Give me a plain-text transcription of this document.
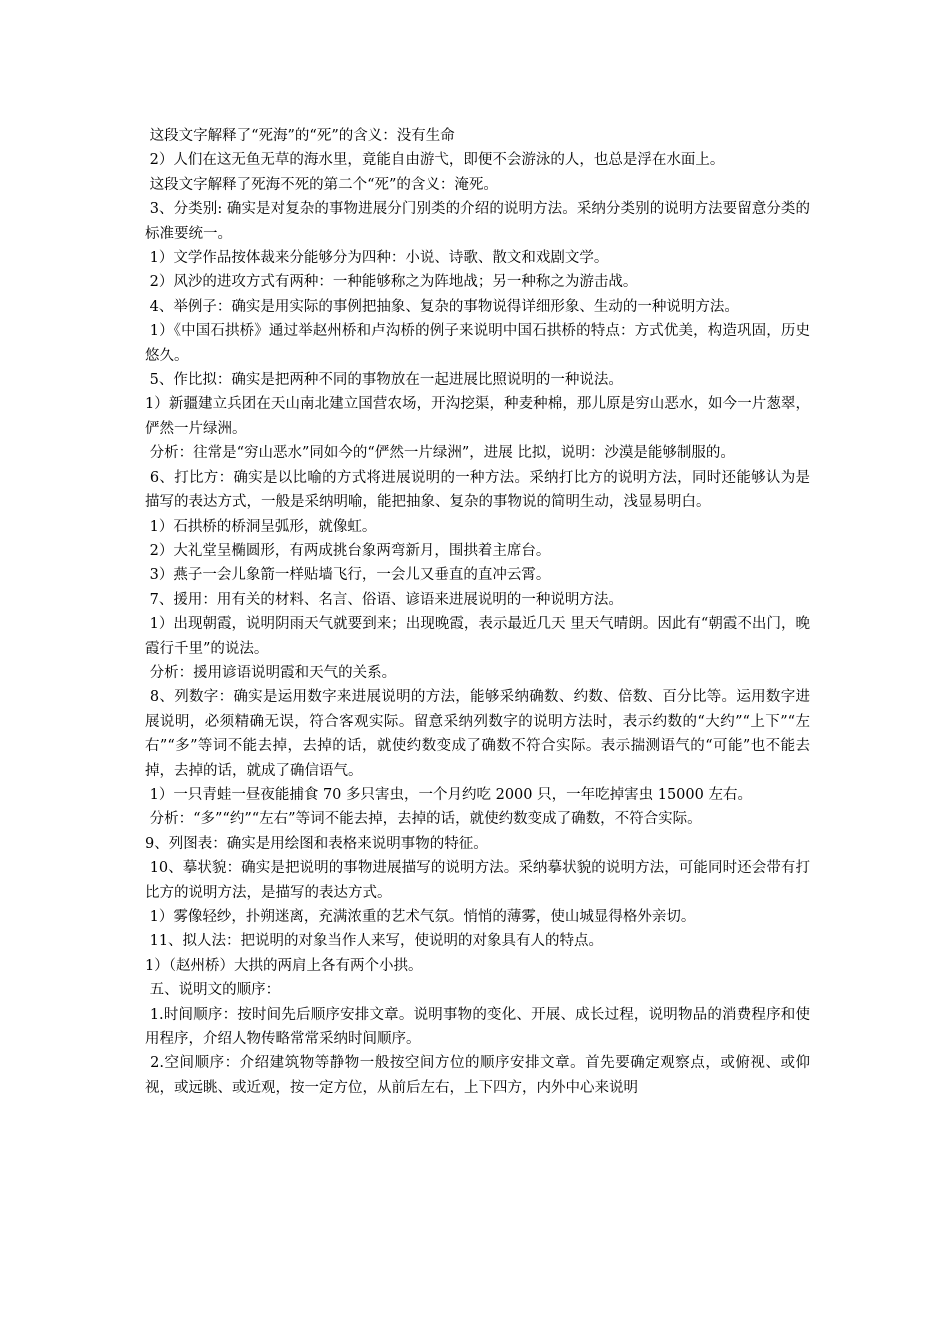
这段文字解释了“死海”的“死”的含义：没有生命

2）人们在这无鱼无草的海水里，竟能自由游弋，即便不会游泳的人，也总是浮在水面上。

这段文字解释了死海不死的第二个“死”的含义：淹死。

3、分类别: 确实是对复杂的事物进展分门别类的介绍的说明方法。采纳分类别的说明方法要留意分类的标准要统一。

1）文学作品按体裁来分能够分为四种：小说、诗歌、散文和戏剧文学。

2）风沙的进攻方式有两种：一种能够称之为阵地战；另一种称之为游击战。

4、举例子：确实是用实际的事例把抽象、复杂的事物说得详细形象、生动的一种说明方法。

1）《中国石拱桥》通过举赵州桥和卢沟桥的例子来说明中国石拱桥的特点：方式优美，构造巩固，历史悠久。

5、作比拟：确实是把两种不同的事物放在一起进展比照说明的一种说法。

1）新疆建立兵团在天山南北建立国营农场，开沟挖渠，种麦种棉，那儿原是穷山恶水，如今一片葱翠，俨然一片绿洲。

分析：往常是“穷山恶水”同如今的“俨然一片绿洲”，进展 比拟，说明：沙漠是能够制服的。

6、打比方：确实是以比喻的方式将进展说明的一种方法。采纳打比方的说明方法，同时还能够认为是描写的表达方式，一般是采纳明喻，能把抽象、复杂的事物说的简明生动，浅显易明白。

1）石拱桥的桥洞呈弧形，就像虹。

2）大礼堂呈椭圆形，有两成挑台象两弯新月，围拱着主席台。

3）燕子一会儿象箭一样贴墙飞行，一会儿又垂直的直冲云霄。

7、援用：用有关的材料、名言、俗语、谚语来进展说明的一种说明方法。

1）出现朝霞，说明阴雨天气就要到来；出现晚霞，表示最近几天 里天气晴朗。因此有“朝霞不出门，晚霞行千里”的说法。

分析：援用谚语说明霞和天气的关系。

8、列数字：确实是运用数字来进展说明的方法，能够采纳确数、约数、倍数、百分比等。运用数字进展说明，必须精确无误，符合客观实际。留意采纳列数字的说明方法时，表示约数的“大约”“上下”“左右”“多”等词不能去掉，去掉的话，就使约数变成了确数不符合实际。表示揣测语气的“可能”也不能去掉，去掉的话，就成了确信语气。

1）一只青蛙一昼夜能捕食 70 多只害虫，一个月约吃 2000 只，一年吃掉害虫 15000 左右。

分析：“多”“约”“左右”等词不能去掉，去掉的话，就使约数变成了确数，不符合实际。

9、列图表：确实是用绘图和表格来说明事物的特征。

10、摹状貌：确实是把说明的事物进展描写的说明方法。采纳摹状貌的说明方法，可能同时还会带有打比方的说明方法，是描写的表达方式。

1）雾像轻纱，扑朔迷离，充满浓重的艺术气氛。悄悄的薄雾，使山城显得格外亲切。

11、拟人法：把说明的对象当作人来写，使说明的对象具有人的特点。

1）（赵州桥）大拱的两肩上各有两个小拱。

五、说明文的顺序：

1.时间顺序：按时间先后顺序安排文章。说明事物的变化、开展、成长过程，说明物品的消费程序和使用程序，介绍人物传略常常采纳时间顺序。

2.空间顺序：介绍建筑物等静物一般按空间方位的顺序安排文章。首先要确定观察点，或俯视、或仰视，或远眺、或近观，按一定方位，从前后左右，上下四方，内外中心来说明
